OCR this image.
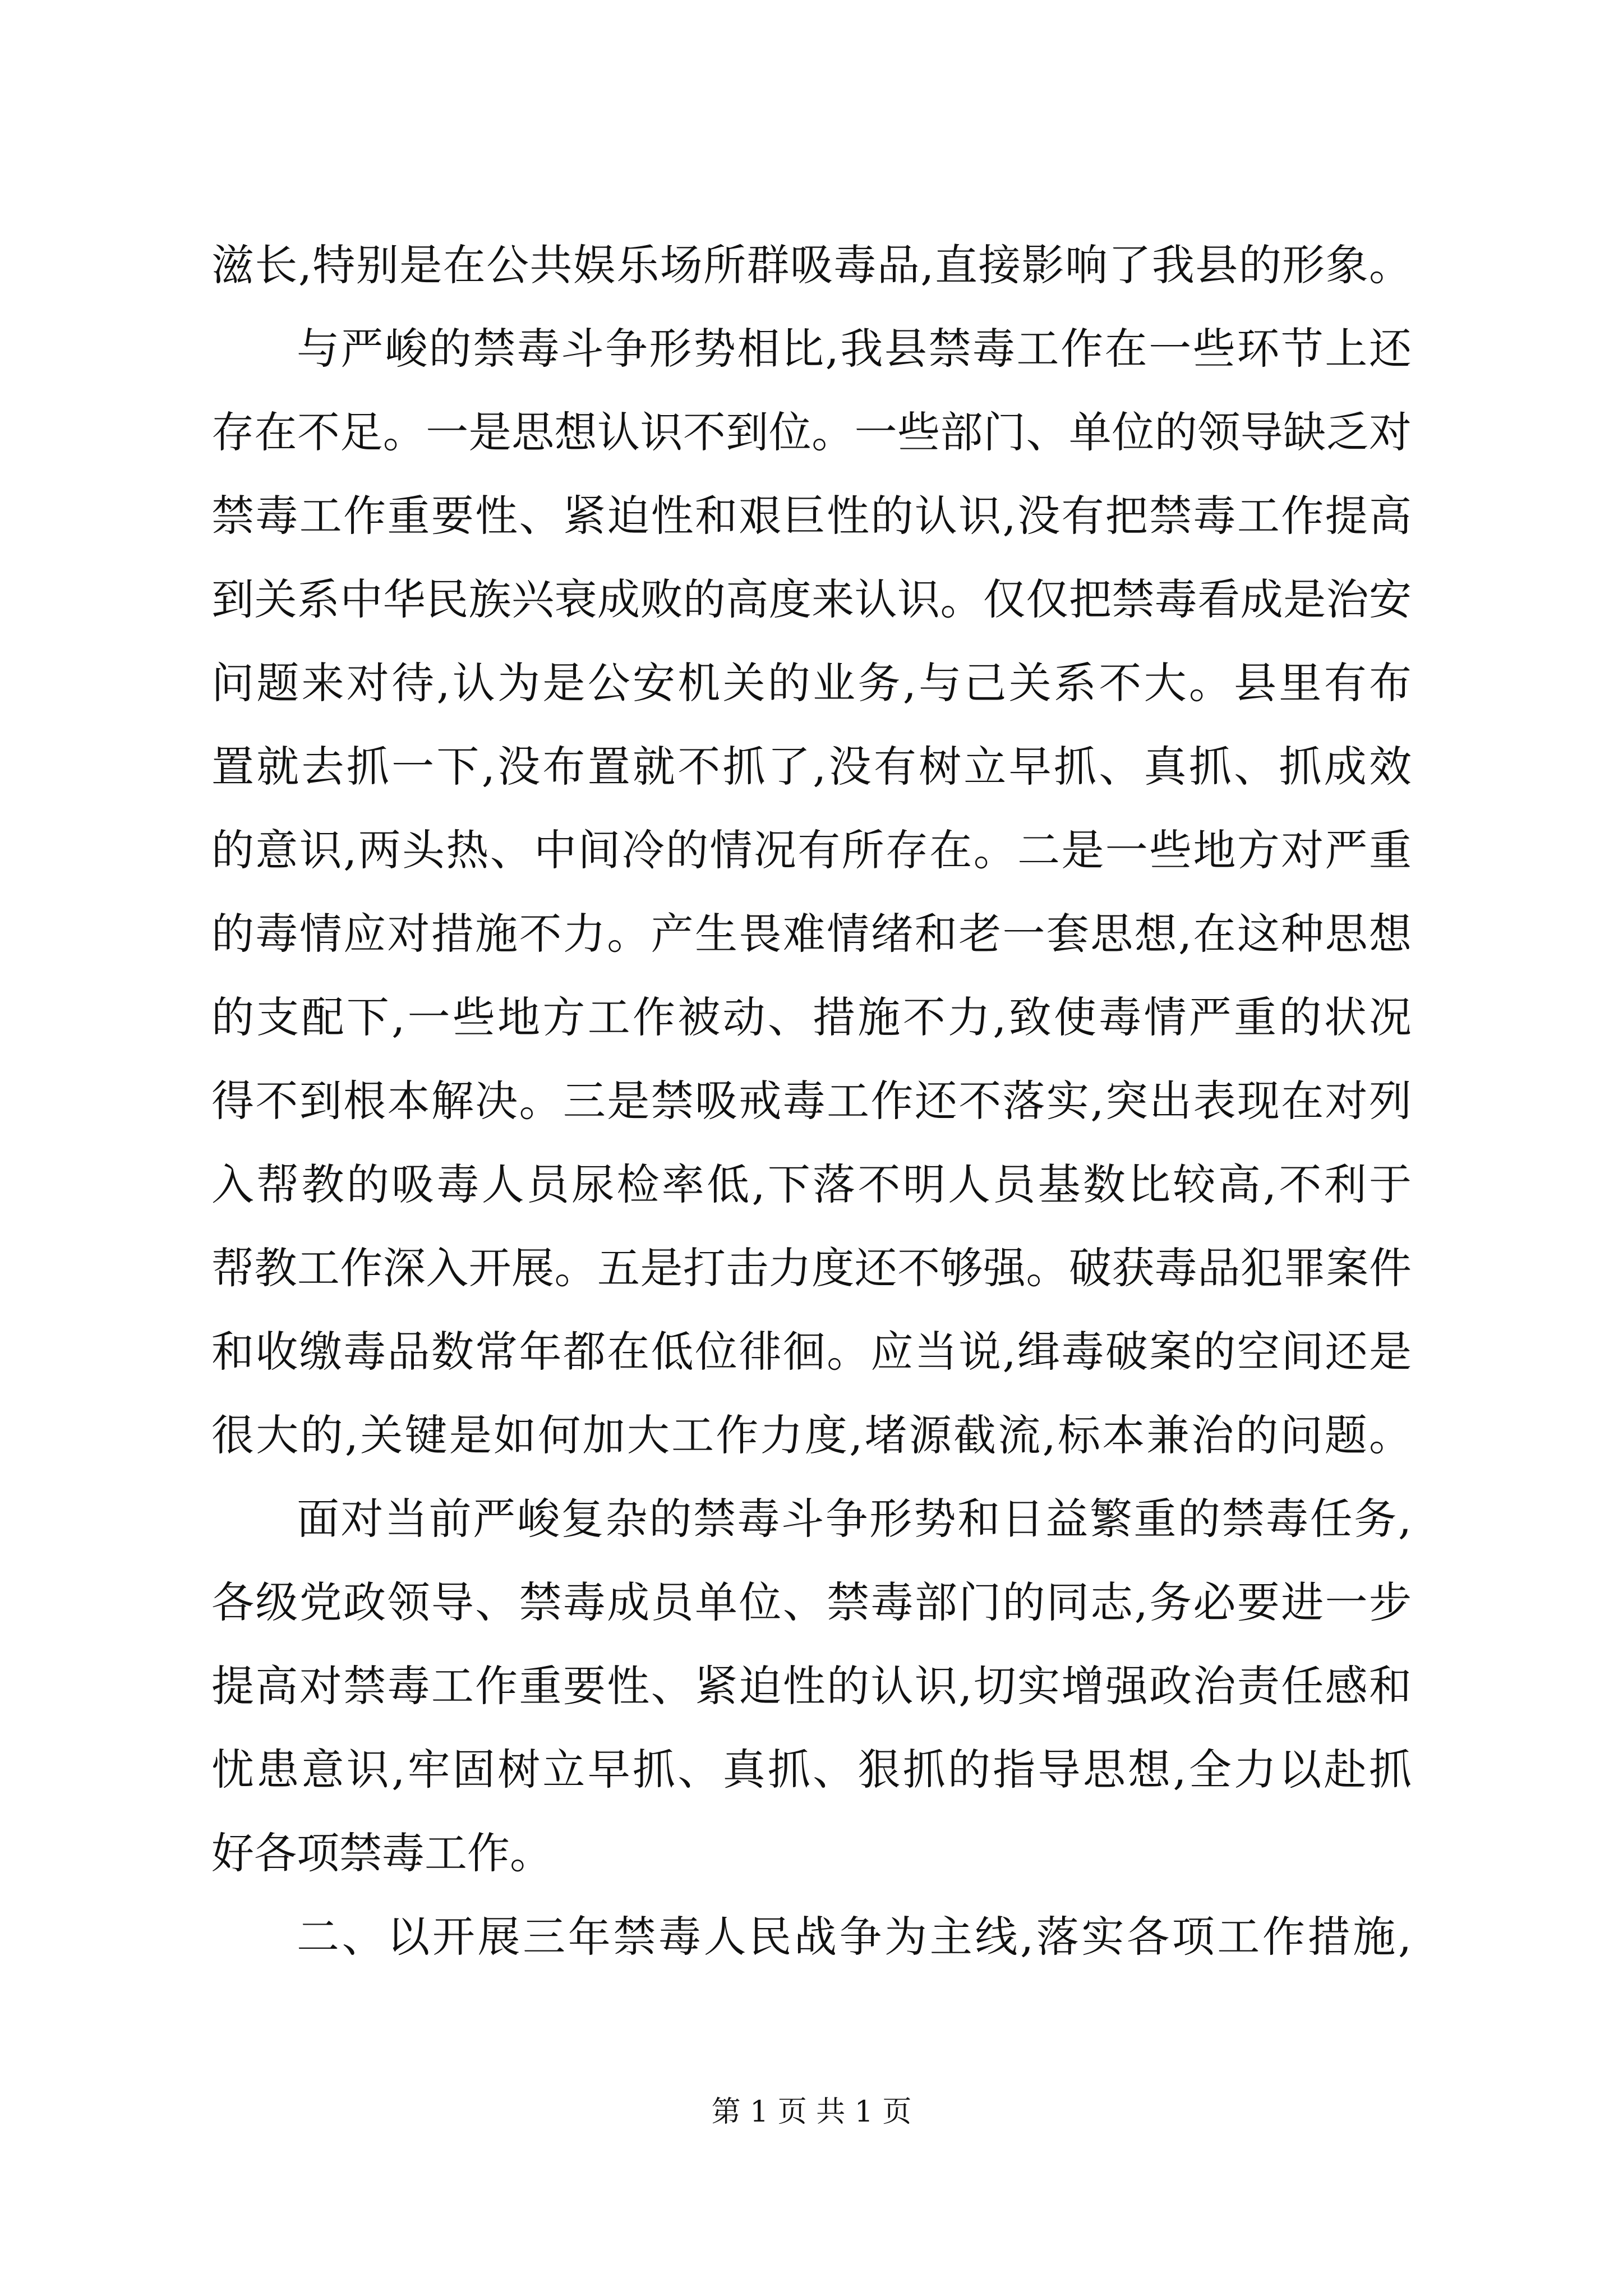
滋长,特别是在公共娱乐场所群吸毒品,直接影响了我县的形象。
与严峻的禁毒斗争形势相比,我县禁毒工作在一些环节上还
存在不足。一是思想认识不到位。一些部门、单位的领导缺乏对
禁毒工作重要性、紧迫性和艰巨性的认识,没有把禁毒工作提高
到关系中华民族兴衰成败的高度来认识。仅仅把禁毒看成是治安
问题来对待,认为是公安机关的业务,与己关系不大。县里有布
置就去抓一下,没布置就不抓了,没有树立早抓、真抓、抓成效
的意识,两头热、中间冷的情况有所存在。二是一些地方对严重
的毒情应对措施不力。产生畏难情绪和老一套思想,在这种思想
的支配下,一些地方工作被动、措施不力,致使毒情严重的状况
得不到根本解决。三是禁吸戒毒工作还不落实,突出表现在对列
入帮教的吸毒人员尿检率低,下落不明人员基数比较高,不利于
帮教工作深入开展。五是打击力度还不够强。破获毒品犯罪案件
和收缴毒品数常年都在低位徘徊。应当说,缉毒破案的空间还是
很大的,关键是如何加大工作力度,堵源截流,标本兼治的问题。
面对当前严峻复杂的禁毒斗争形势和日益繁重的禁毒任务,
各级党政领导、禁毒成员单位、禁毒部门的同志,务必要进一步
提高对禁毒工作重要性、紧迫性的认识,切实增强政治责任感和
忧患意识,牢固树立早抓、真抓、狠抓的指导思想,全力以赴抓
好各项禁毒工作。
二、以开展三年禁毒人民战争为主线,落实各项工作措施,
第 1 页 共 1 页
